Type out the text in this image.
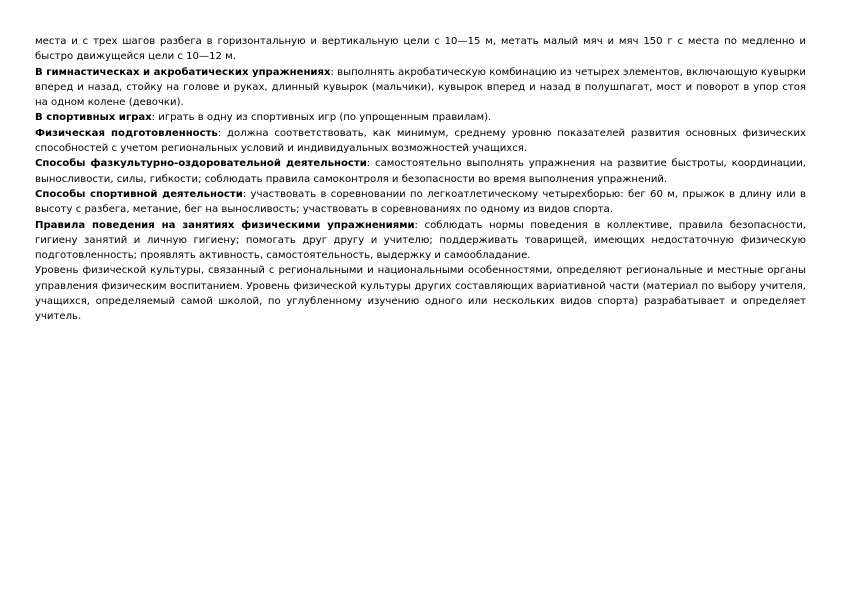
места и с трех шагов разбега в горизонтальную и вертикальную цели с 10—15 м, метать малый мяч и мяч 150 г с места по медленно и быстро движущейся цели с 10—12 м.

В гимнастическах и акробатических упражнениях: выполнять акробатическую комбинацию из четырех элементов, включающую кувырки вперед и назад, стойку на голове и руках, длинный кувырок (мальчики), кувырок вперед и назад в полушпагат, мост и поворот в упор стоя на одном колене (девочки).

В спортивных играх: играть в одну из спортивных игр (по упрощенным правилам).

Физическая подготовленность: должна соответствовать, как минимум, среднему уровню показателей развития основных физических способностей с учетом региональных условий и индивидуальных возможностей учащихся.

Способы фазкультурно-оздоровательной деятельности: самостоятельно выполнять упражнения на развитие быстроты, координации, выносливости, силы, гибкости; соблюдать правила самоконтроля и безопасности во время выполнения упражнений.

Способы спортивной деятельности: участвовать в соревновании по легкоатлетическому четырехборью: бег 60 м, прыжок в длину или в высоту с разбега, метание, бег на выносливость; участвовать в соревнованиях по одному из видов спорта.

Правила поведения на занятиях физическими упражнениями: соблюдать нормы поведения в коллективе, правила безопасности, гигиену занятий и личную гигиену; помогать друг другу и учителю; поддерживать товарищей, имеющих недостаточную физическую подготовленность; проявлять активность, самостоятельность, выдержку и самообладание.

Уровень физической культуры, связанный с региональными и национальными особенностями, определяют региональные и местные органы управления физическим воспитанием. Уровень физической культуры других составляющих вариативной части (материал по выбору учителя, учащихся, определяемый самой школой, по углубленному изучению одного или нескольких видов спорта) разрабатывает и определяет учитель.
